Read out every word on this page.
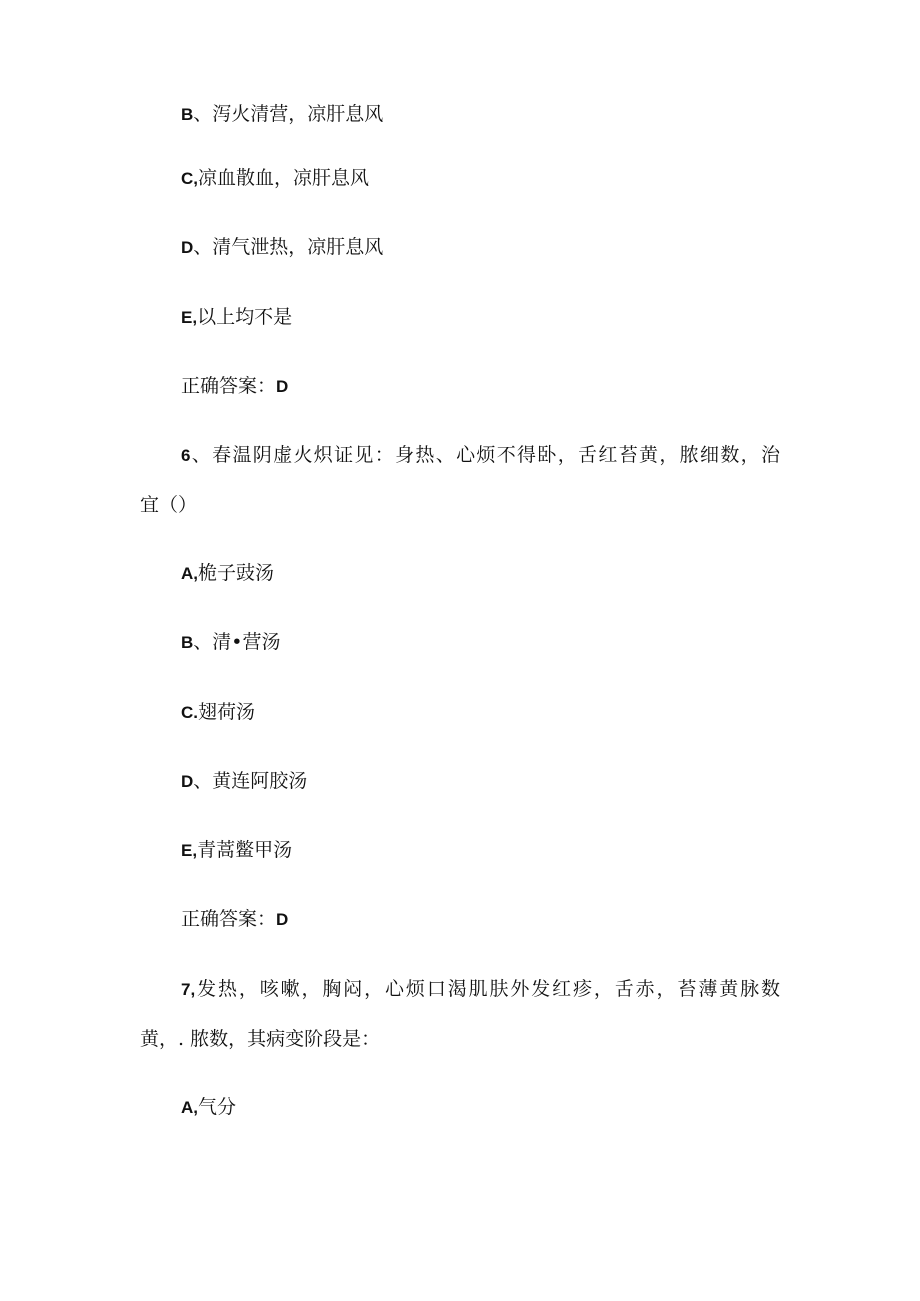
B、泻火清营，凉肝息风
C,凉血散血，凉肝息风
D、清气泄热，凉肝息风
E,以上均不是
正确答案：D
6、春温阴虚火炽证见：身热、心烦不得卧，舌红苔黄，脓细数，治
宜（）
A,桅子豉汤
B、清•营汤
C.翅荷汤
D、黄连阿胶汤
E,青蒿鳖甲汤
正确答案：D
7,发热，咳嗽，胸闷，心烦口渴肌肤外发红疹，舌赤，苔薄黄脉数
黄，. 脓数，其病变阶段是：
A,气分
